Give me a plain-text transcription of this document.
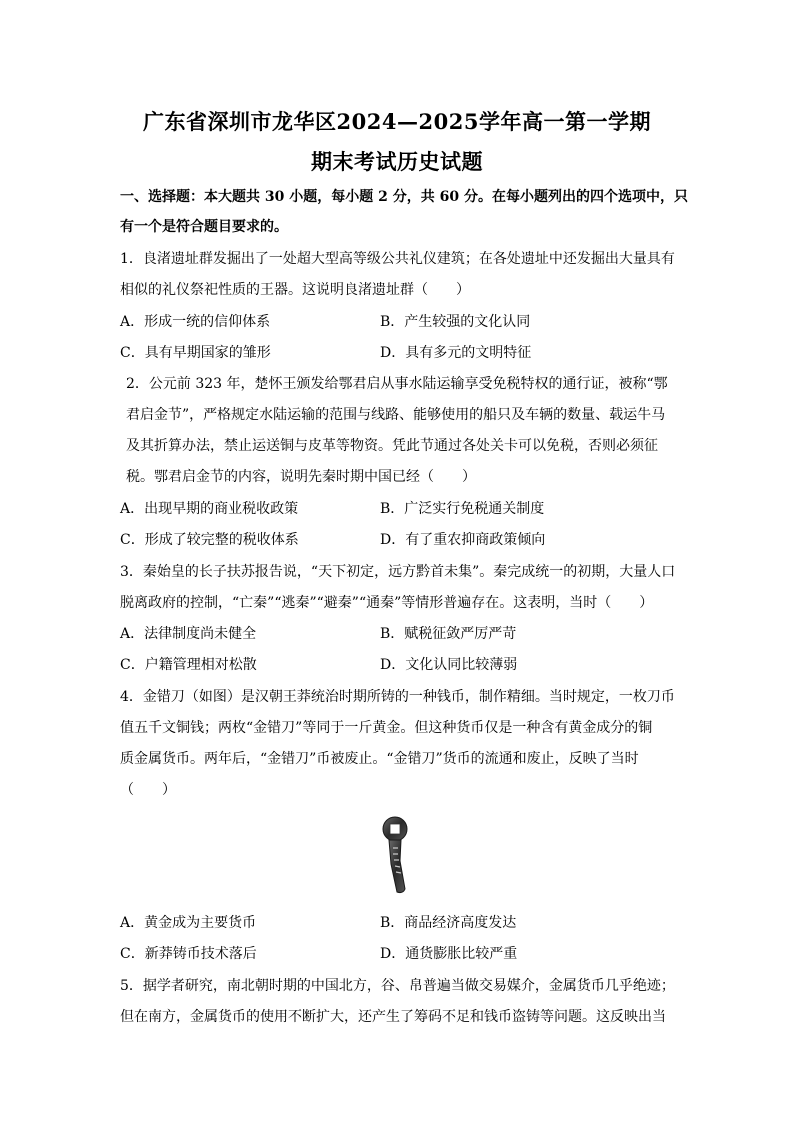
广东省深圳市龙华区2024—2025学年高一第一学期
期末考试历史试题
一、选择题：本大题共 30 小题，每小题 2 分，共 60 分。在每小题列出的四个选项中，只
有一个是符合题目要求的。
1．良渚遗址群发掘出了一处超大型高等级公共礼仪建筑；在各处遗址中还发掘出大量具有
相似的礼仪祭祀性质的王器。这说明良渚遗址群（　　）
A．形成一统的信仰体系	B．产生较强的文化认同
C．具有早期国家的雏形	D．具有多元的文明特征
2．公元前 323 年，楚怀王颁发给鄂君启从事水陆运输享受免税特权的通行证，被称“鄂
君启金节”，严格规定水陆运输的范围与线路、能够使用的船只及车辆的数量、载运牛马
及其折算办法，禁止运送铜与皮革等物资。凭此节通过各处关卡可以免税，否则必须征
税。鄂君启金节的内容，说明先秦时期中国已经（　　）
A．出现早期的商业税收政策	B．广泛实行免税通关制度
C．形成了较完整的税收体系	D．有了重农抑商政策倾向
3．秦始皇的长子扶苏报告说，“天下初定，远方黔首未集”。秦完成统一的初期，大量人口
脱离政府的控制，“亡秦”“逃秦”“避秦”“通秦”等情形普遍存在。这表明，当时（　　）
A．法律制度尚未健全	B．赋税征敛严厉严苛
C．户籍管理相对松散	D．文化认同比较薄弱
4．金错刀（如图）是汉朝王莽统治时期所铸的一种钱币，制作精细。当时规定，一枚刀币
值五千文铜钱；两枚“金错刀”等同于一斤黄金。但这种货币仅是一种含有黄金成分的铜
质金属货币。两年后，“金错刀”币被废止。“金错刀”货币的流通和废止，反映了当时
（　　）
A．黄金成为主要货币	B．商品经济高度发达
C．新莽铸币技术落后	D．通货膨胀比较严重
5．据学者研究，南北朝时期的中国北方，谷、帛普遍当做交易媒介，金属货币几乎绝迹；
但在南方，金属货币的使用不断扩大，还产生了筹码不足和钱币盗铸等问题。这反映出当
